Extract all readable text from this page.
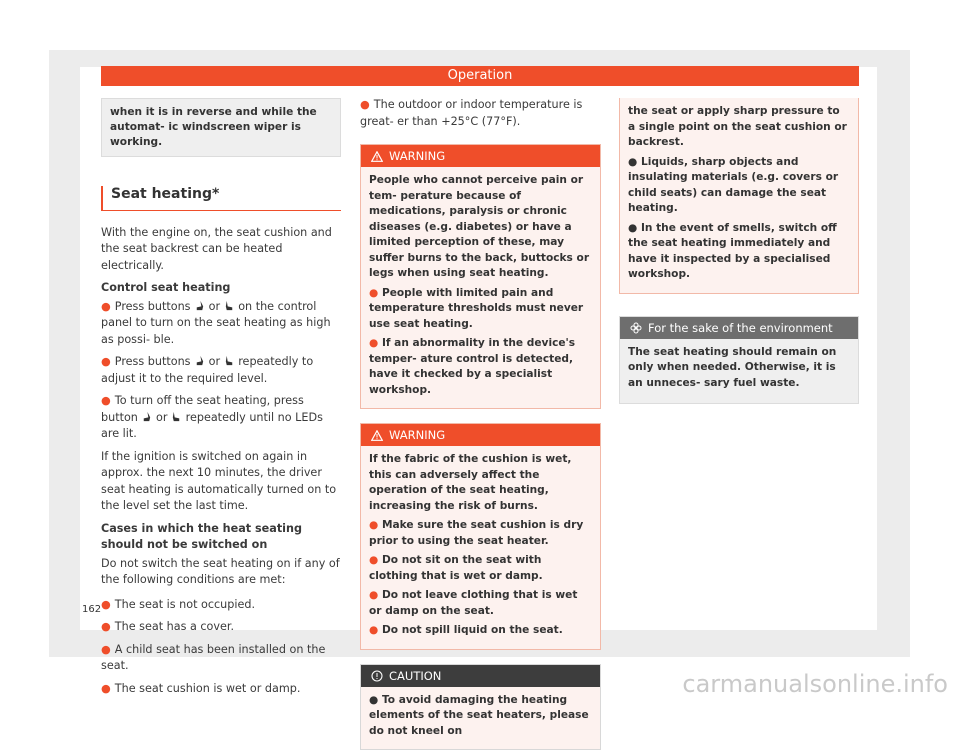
Operation
when it is in reverse and while the automat- ic windscreen wiper is working.
Seat heating*

With the engine on, the seat cushion and the seat backrest can be heated electrically.

Control seat heating
● Press buttons or on the control panel to turn on the seat heating as high as possi- ble.
● Press buttons or repeatedly to adjust it to the required level.
● To turn off the seat heating, press button or repeatedly until no LEDs are lit.

If the ignition is switched on again in approx. the next 10 minutes, the driver seat heating is automatically turned on to the level set the last time.

Cases in which the heat seating should not be switched on

Do not switch the seat heating on if any of the following conditions are met:

● The seat is not occupied.
● The seat has a cover.
● A child seat has been installed on the seat.
● The seat cushion is wet or damp.
● The outdoor or indoor temperature is great- er than +25°C (77°F).
WARNING

People who cannot perceive pain or tem- perature because of medications, paralysis or chronic diseases (e.g. diabetes) or have a limited perception of these, may suffer burns to the back, buttocks or legs when using seat heating.

● People with limited pain and temperature thresholds must never use seat heating.

● If an abnormality in the device's temper- ature control is detected, have it checked by a specialist workshop.

WARNING

If the fabric of the cushion is wet, this can adversely affect the operation of the seat heating, increasing the risk of burns.

● Make sure the seat cushion is dry prior to using the seat heater.

● Do not sit on the seat with clothing that is wet or damp.

● Do not leave clothing that is wet or damp on the seat.

● Do not spill liquid on the seat.

CAUTION

● To avoid damaging the heating elements of the seat heaters, please do not kneel on

the seat or apply sharp pressure to a single point on the seat cushion or backrest.

● Liquids, sharp objects and insulating materials (e.g. covers or child seats) can damage the seat heating.

● In the event of smells, switch off the seat heating immediately and have it inspected by a specialised workshop.

For the sake of the environment

The seat heating should remain on only when needed. Otherwise, it is an unneces- sary fuel waste.

162
carmanualsonline.info
